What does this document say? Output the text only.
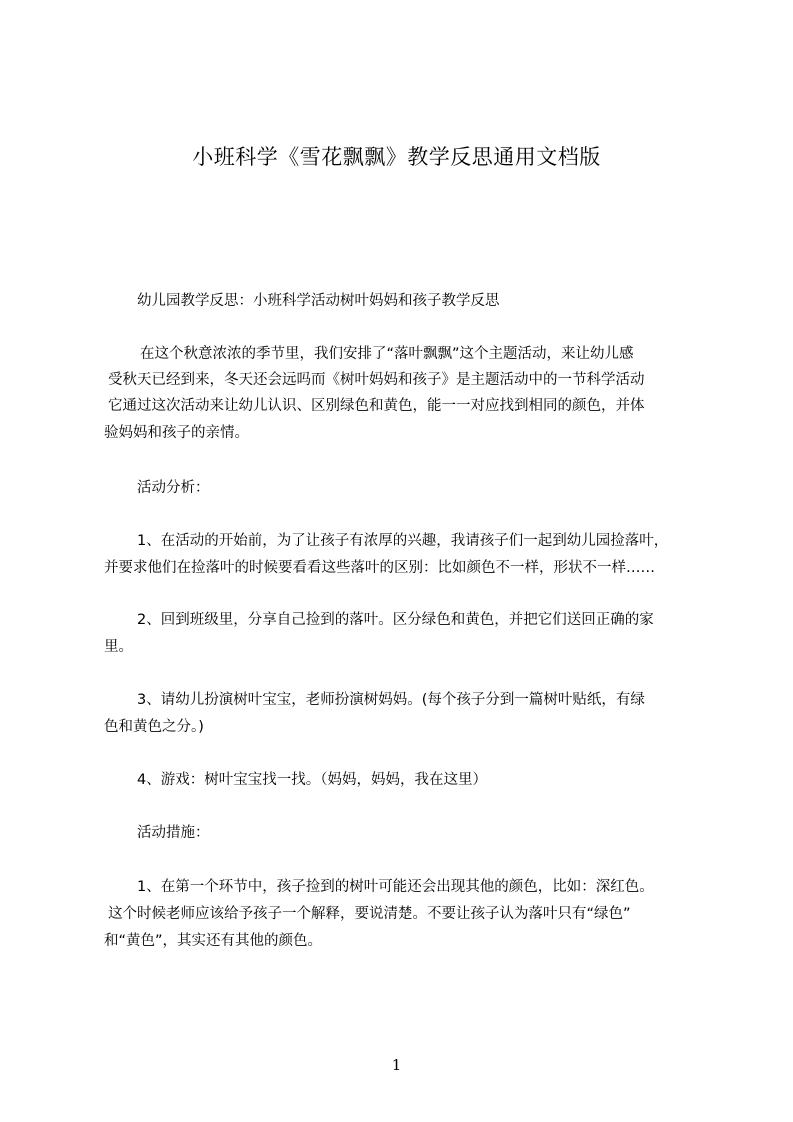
小班科学《雪花飘飘》教学反思通用文档版
幼儿园教学反思：小班科学活动树叶妈妈和孩子教学反思
在这个秋意浓浓的季节里，我们安排了“落叶飘飘”这个主题活动，来让幼儿感
受秋天已经到来，冬天还会远吗而《树叶妈妈和孩子》是主题活动中的一节科学活动
它通过这次活动来让幼儿认识、区别绿色和黄色，能一一对应找到相同的颜色，并体
验妈妈和孩子的亲情。
活动分析：
1、在活动的开始前，为了让孩子有浓厚的兴趣，我请孩子们一起到幼儿园捡落叶，
并要求他们在捡落叶的时候要看看这些落叶的区别：比如颜色不一样，形状不一样……
2、回到班级里，分享自己捡到的落叶。区分绿色和黄色，并把它们送回正确的家
里。
3、请幼儿扮演树叶宝宝，老师扮演树妈妈。(每个孩子分到一篇树叶贴纸，有绿
色和黄色之分。)
4、游戏：树叶宝宝找一找。（妈妈，妈妈，我在这里）
活动措施：
1、在第一个环节中，孩子捡到的树叶可能还会出现其他的颜色，比如：深红色。
这个时候老师应该给予孩子一个解释，要说清楚。不要让孩子认为落叶只有“绿色”
和“黄色”，其实还有其他的颜色。
1
